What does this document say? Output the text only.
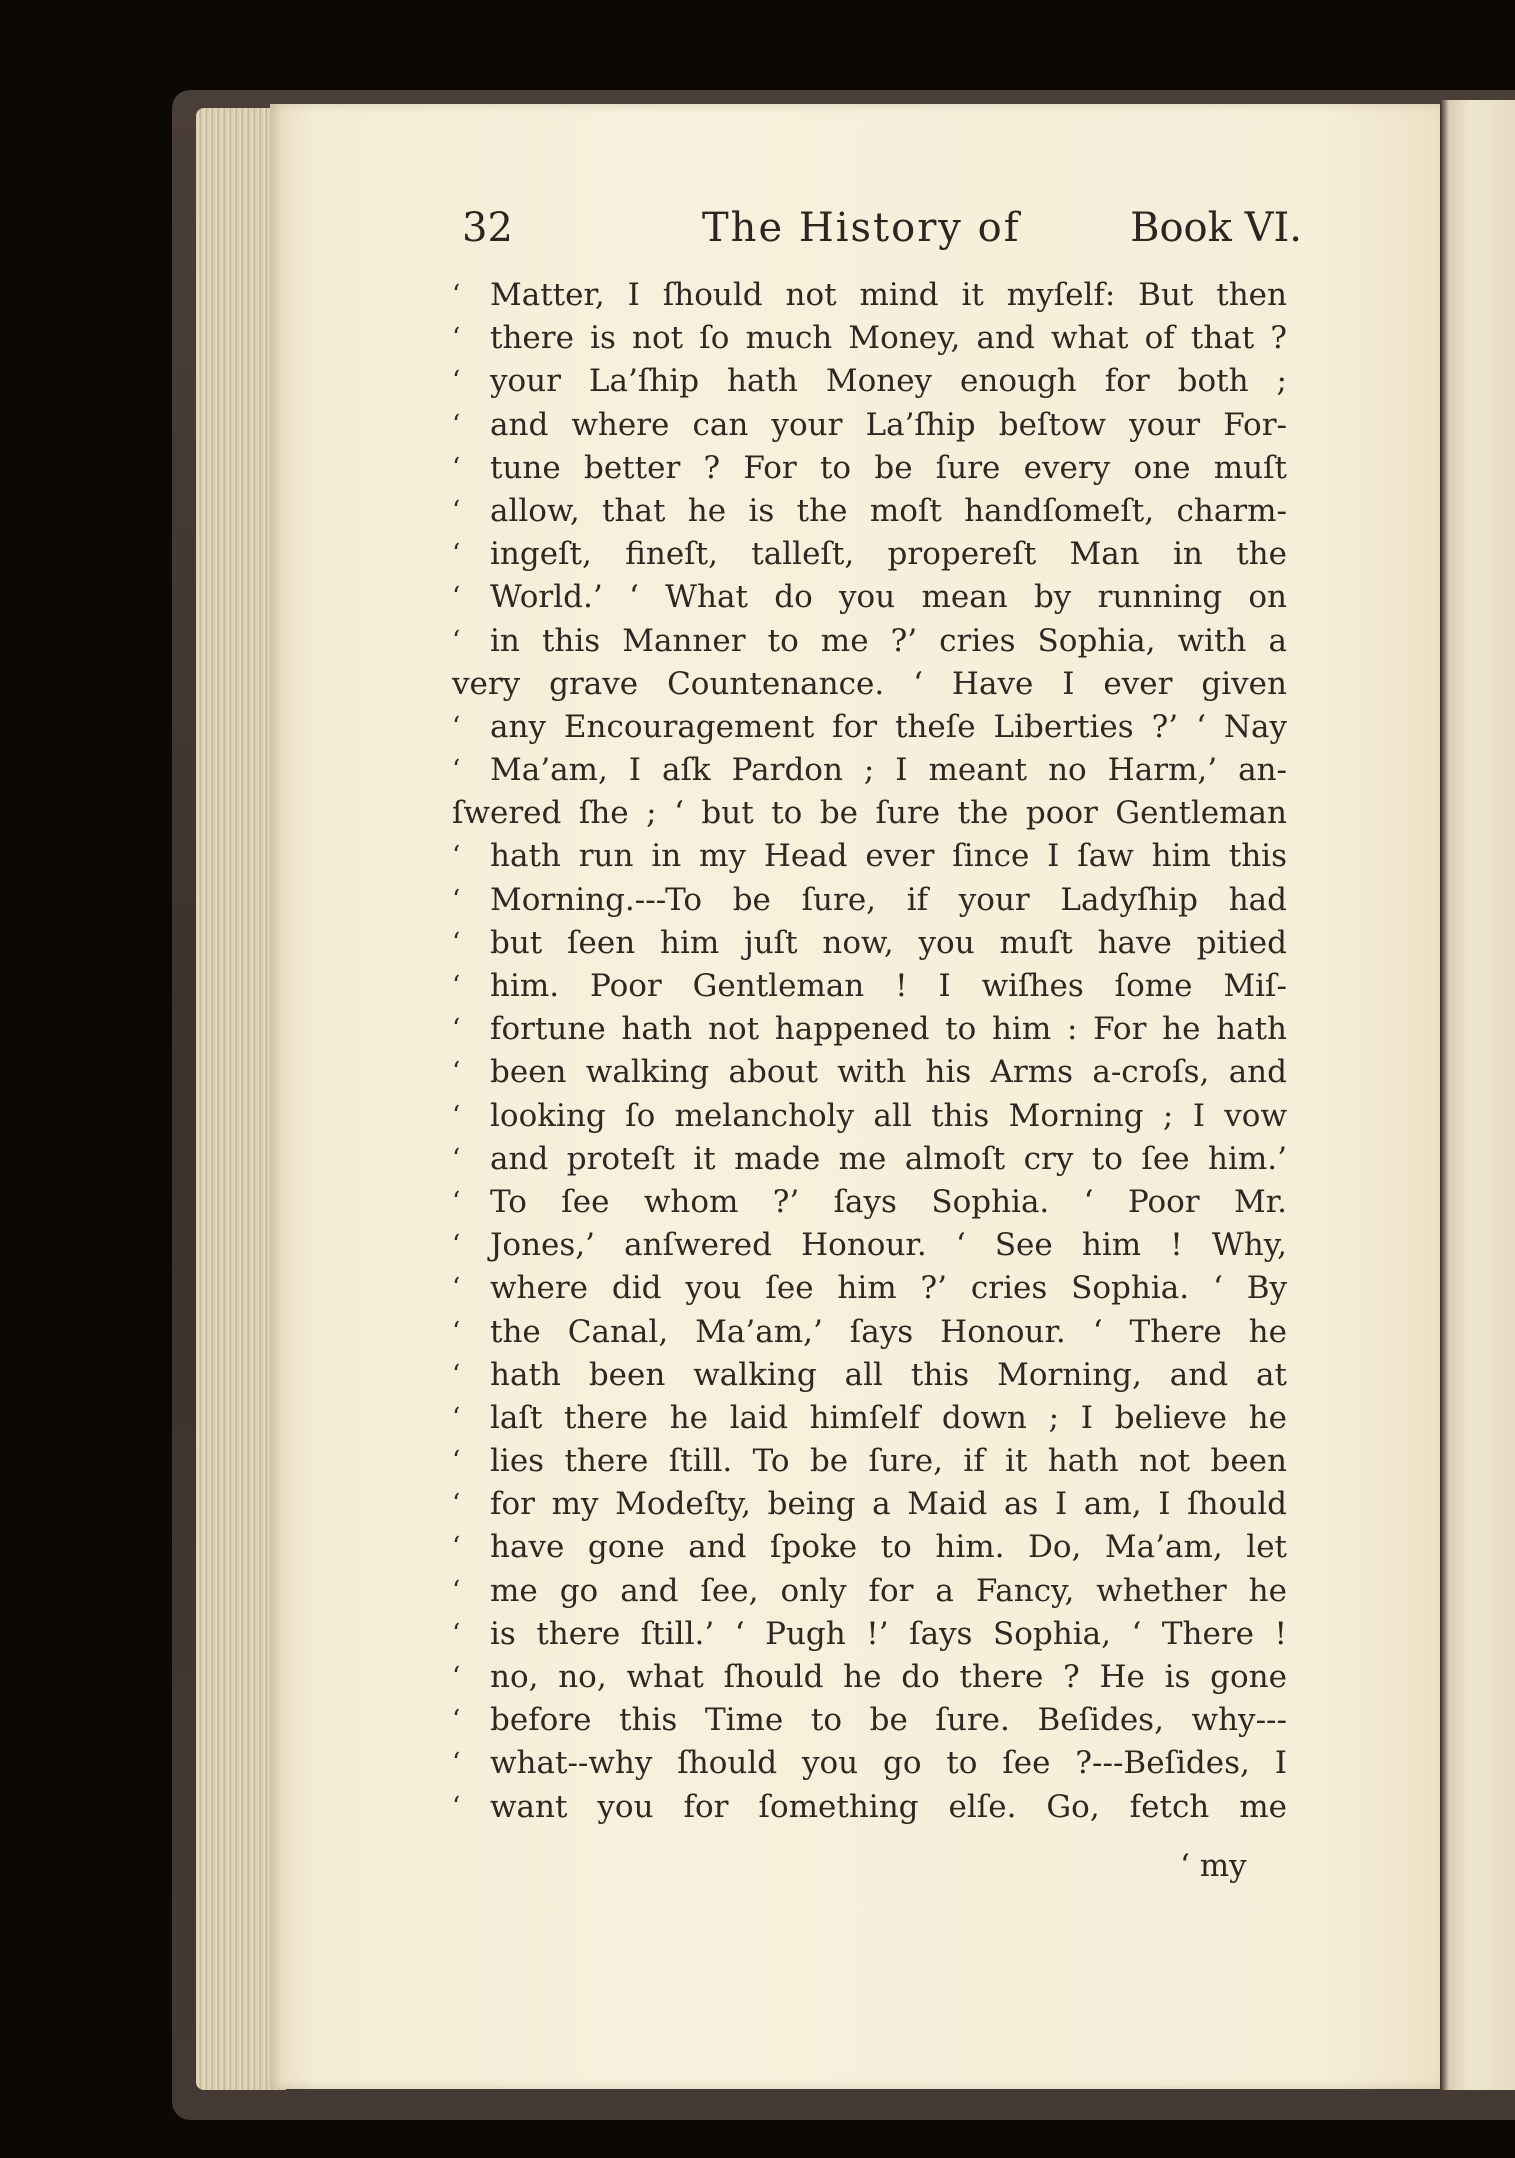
32	The History of	Book VI.
‘ Matter, I ſhould not mind it myſelf: But then
‘ there is not ſo much Money, and what of that ?
‘ your La’ſhip hath Money enough for both ;
‘ and where can your La’ſhip beſtow your For-
‘ tune better ? For to be ſure every one muſt
‘ allow, that he is the moſt handſomeſt, charm-
‘ ingeſt, fineſt, talleſt, propereſt Man in the
‘ World.’ ‘ What do you mean by running on
‘ in this Manner to me ?’ cries Sophia, with a
very grave Countenance. ‘ Have I ever given
‘ any Encouragement for theſe Liberties ?’ ‘ Nay
‘ Ma’am, I aſk Pardon ; I meant no Harm,’ an-
ſwered ſhe ; ‘ but to be ſure the poor Gentleman
‘ hath run in my Head ever ſince I ſaw him this
‘ Morning.---To be ſure, if your Ladyſhip had
‘ but ſeen him juſt now, you muſt have pitied
‘ him. Poor Gentleman ! I wiſhes ſome Miſ-
‘ fortune hath not happened to him : For he hath
‘ been walking about with his Arms a-croſs, and
‘ looking ſo melancholy all this Morning ; I vow
‘ and proteſt it made me almoſt cry to ſee him.’
‘ To ſee whom ?’ ſays Sophia. ‘ Poor Mr.
‘ Jones,’ anſwered Honour. ‘ See him ! Why,
‘ where did you ſee him ?’ cries Sophia. ‘ By
‘ the Canal, Ma’am,’ ſays Honour. ‘ There he
‘ hath been walking all this Morning, and at
‘ laſt there he laid himſelf down ; I believe he
‘ lies there ſtill. To be ſure, if it hath not been
‘ for my Modeſty, being a Maid as I am, I ſhould
‘ have gone and ſpoke to him. Do, Ma’am, let
‘ me go and ſee, only for a Fancy, whether he
‘ is there ſtill.’ ‘ Pugh !’ ſays Sophia, ‘ There !
‘ no, no, what ſhould he do there ? He is gone
‘ before this Time to be ſure. Beſides, why---
‘ what--why ſhould you go to ſee ?---Beſides, I
‘ want you for ſomething elſe. Go, fetch me
‘ my
